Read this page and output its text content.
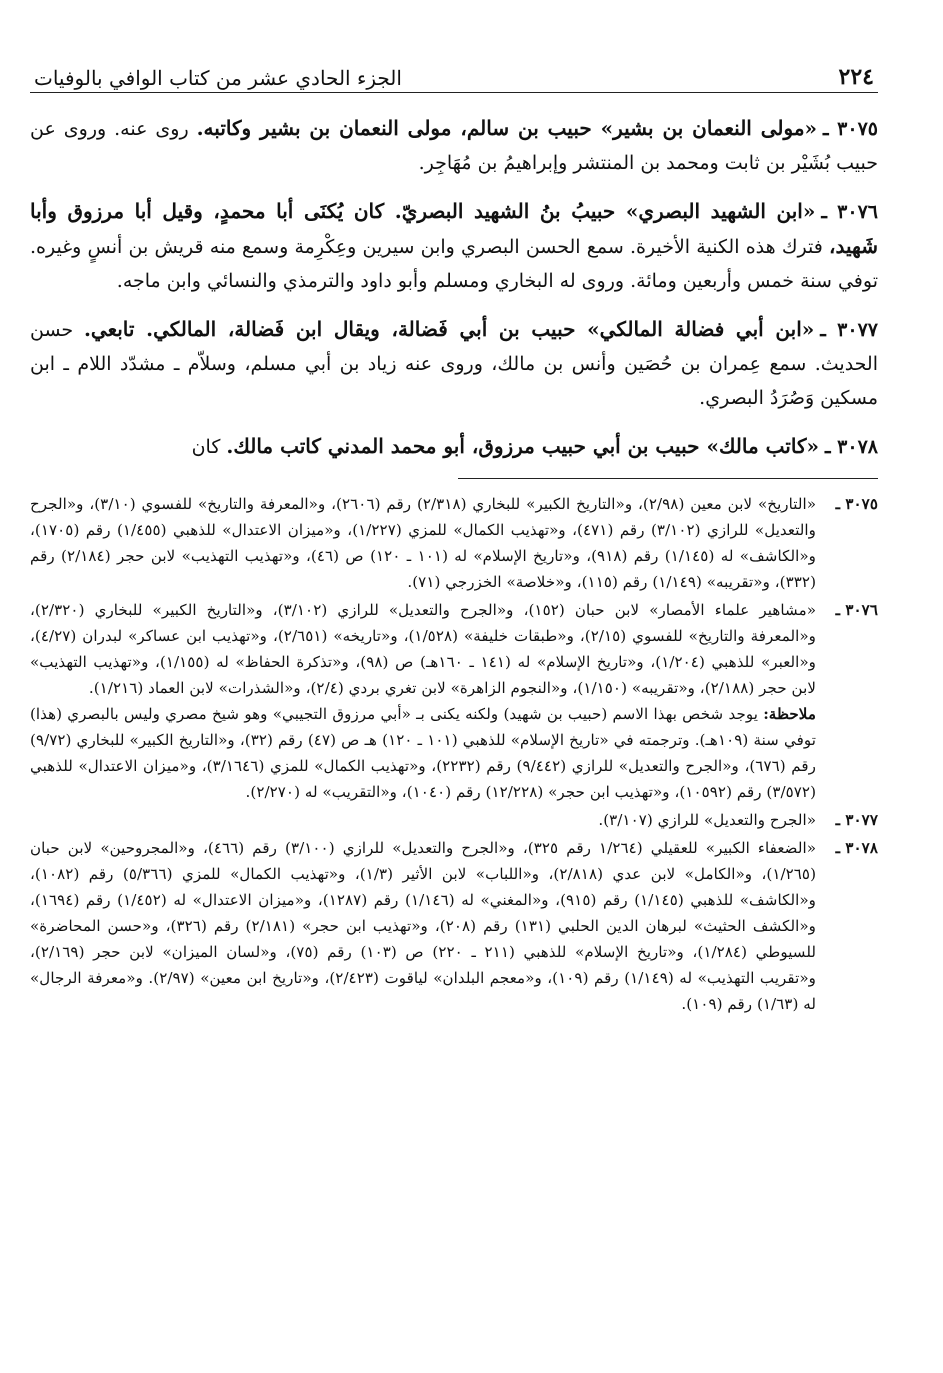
٢٢٤
الجزء الحادي عشر من كتاب الوافي بالوفيات

٣٠٧٥ ـ«مولى النعمان بن بشير» حبيب بن سالم، مولى النعمان بن بشير وكاتبه. روى عنه. وروى عن حبيب بُشَيْر بن ثابت ومحمد بن المنتشر وإبراهيمُ بن مُهَاجِر.

٣٠٧٦ ـ«ابن الشهيد البصري» حبيبُ بنُ الشهيد البصريّ. كان يُكنَى أبا محمدٍ، وقيل أبا مرزوق وأبا شَهيد، فترك هذه الكنية الأخيرة. سمع الحسن البصري وابن سيرين وعِكْرِمة وسمع منه قريش بن أنسٍ وغيره. توفي سنة خمس وأربعين ومائة. وروى له البخاري ومسلم وأبو داود والترمذي والنسائي وابن ماجه.

٣٠٧٧ ـ«ابن أبي فضالة المالكي» حبيب بن أبي فَضالة، ويقال ابن فَضالة، المالكي. تابعي. حسن الحديث. سمع عِمران بن حُصَين وأنس بن مالك، وروى عنه زياد بن أبي مسلم، وسلاّم ـ مشدّد اللام ـ ابن مسكين وَصُرَدُ البصري.

٣٠٧٨ ـ«كاتب مالك» حبيب بن أبي حبيب مرزوق، أبو محمد المدني كاتب مالك. كان

٣٠٧٥ ـ
«التاريخ» لابن معين (٢/٩٨)، و«التاريخ الكبير» للبخاري (٢/٣١٨) رقم (٢٦٠٦)، و«المعرفة والتاريخ» للفسوي (٣/١٠)، و«الجرح والتعديل» للرازي (٣/١٠٢) رقم (٤٧١)، و«تهذيب الكمال» للمزي (١/٢٢٧)، و«ميزان الاعتدال» للذهبي (١/٤٥٥) رقم (١٧٠٥)، و«الكاشف» له (١/١٤٥) رقم (٩١٨)، و«تاريخ الإسلام» له (١٠١ ـ ١٢٠) ص (٤٦)، و«تهذيب التهذيب» لابن حجر (٢/١٨٤) رقم (٣٣٢)، و«تقريبه» (١/١٤٩) رقم (١١٥)، و«خلاصة» الخزرجي (٧١).
٣٠٧٦ ـ
«مشاهير علماء الأمصار» لابن حبان (١٥٢)، و«الجرح والتعديل» للرازي (٣/١٠٢)، و«التاريخ الكبير» للبخاري (٢/٣٢٠)، و«المعرفة والتاريخ» للفسوي (٢/١٥)، و«طبقات خليفة» (١/٥٢٨)، و«تاريخه» (٢/٦٥١)، و«تهذيب ابن عساكر» لبدران (٤/٢٧)، و«العبر» للذهبي (١/٢٠٤)، و«تاريخ الإسلام» له (١٤١ ـ ١٦٠هـ) ص (٩٨)، و«تذكرة الحفاظ» له (١/١٥٥)، و«تهذيب التهذيب» لابن حجر (٢/١٨٨)، و«تقريبه» (١/١٥٠)، و«النجوم الزاهرة» لابن تغري بردي (٢/٤)، و«الشذرات» لابن العماد (١/٢١٦).
ملاحظة: يوجد شخص بهذا الاسم (حبيب بن شهيد) ولكنه يكنى بـ «أبي مرزوق التجيبي» وهو شيخ مصري وليس بالبصري (هذا) توفي سنة (١٠٩هـ). وترجمته في «تاريخ الإسلام» للذهبي (١٠١ ـ ١٢٠) هـ ص (٤٧) رقم (٣٢)، و«التاريخ الكبير» للبخاري (٩/٧٢) رقم (٦٧٦)، و«الجرح والتعديل» للرازي (٩/٤٤٢) رقم (٢٢٣٢)، و«تهذيب الكمال» للمزي (٣/١٦٤٦)، و«ميزان الاعتدال» للذهبي (٣/٥٧٢) رقم (١٠٥٩٢)، و«تهذيب ابن حجر» (١٢/٢٢٨) رقم (١٠٤٠)، و«التقريب» له (٢/٢٧٠).
٣٠٧٧ ـ
«الجرح والتعديل» للرازي (٣/١٠٧).
٣٠٧٨ ـ
«الضعفاء الكبير» للعقيلي (١/٢٦٤ رقم ٣٢٥)، و«الجرح والتعديل» للرازي (٣/١٠٠) رقم (٤٦٦)، و«المجروحين» لابن حبان (١/٢٦٥)، و«الكامل» لابن عدي (٢/٨١٨)، و«اللباب» لابن الأثير (١/٣)، و«تهذيب الكمال» للمزي (٥/٣٦٦) رقم (١٠٨٢)، و«الكاشف» للذهبي (١/١٤٥) رقم (٩١٥)، و«المغني» له (١/١٤٦) رقم (١٢٨٧)، و«ميزان الاعتدال» له (١/٤٥٢) رقم (١٦٩٤)، و«الكشف الحثيث» لبرهان الدين الحلبي (١٣١) رقم (٢٠٨)، و«تهذيب ابن حجر» (٢/١٨١) رقم (٣٢٦)، و«حسن المحاضرة» للسيوطي (١/٢٨٤)، و«تاريخ الإسلام» للذهبي (٢١١ ـ ٢٢٠) ص (١٠٣) رقم (٧٥)، و«لسان الميزان» لابن حجر (٢/١٦٩)، و«تقريب التهذيب» له (١/١٤٩) رقم (١٠٩)، و«معجم البلدان» لياقوت (٢/٤٢٣)، و«تاريخ ابن معين» (٢/٩٧). و«معرفة الرجال» له (١/٦٣) رقم (١٠٩).
